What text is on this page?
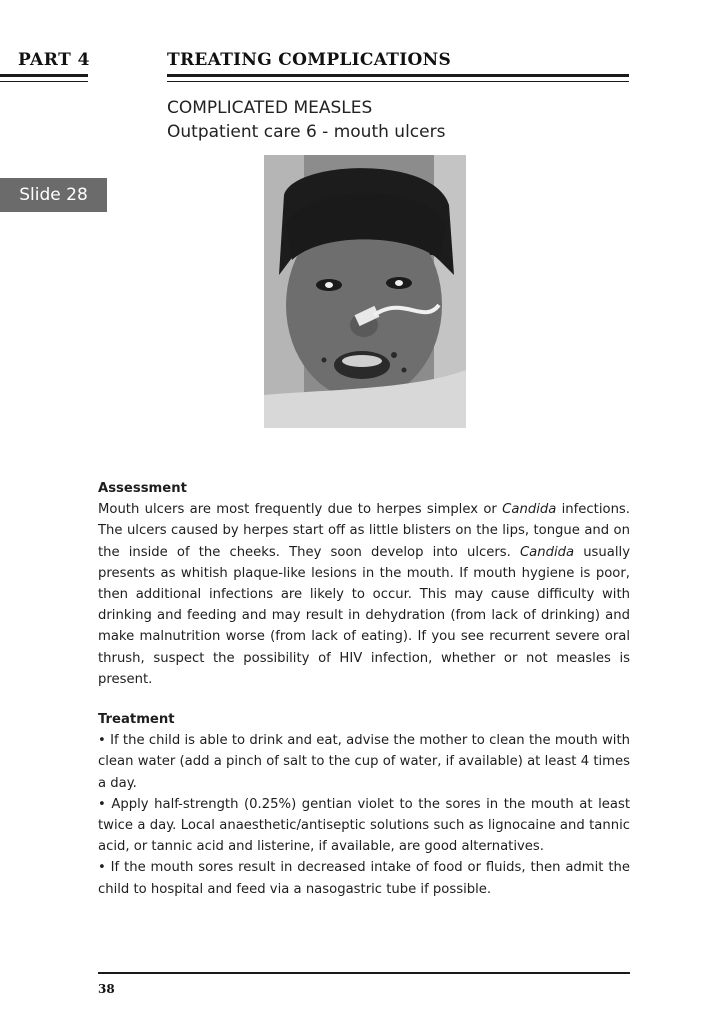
PART 4	TREATING COMPLICATIONS
COMPLICATED MEASLES
Outpatient care 6 - mouth ulcers
Slide 28

Assessment

Mouth ulcers are most frequently due to herpes simplex or Candida infections. The ulcers caused by herpes start off as little blisters on the lips, tongue and on the inside of the cheeks. They soon develop into ulcers. Candida usually presents as whitish plaque-like lesions in the mouth. If mouth hygiene is poor, then additional infections are likely to occur. This may cause difficulty with drinking and feeding and may result in dehydration (from lack of drinking) and make malnutrition worse (from lack of eating). If you see recurrent severe oral thrush, suspect the possibility of HIV infection, whether or not measles is present.

Treatment

• If the child is able to drink and eat, advise the mother to clean the mouth with clean water (add a pinch of salt to the cup of water, if available) at least 4 times a day.

• Apply half-strength (0.25%) gentian violet to the sores in the mouth at least twice a day. Local anaesthetic/antiseptic solutions such as lignocaine and tannic acid, or tannic acid and listerine, if available, are good alternatives.

• If the mouth sores result in decreased intake of food or fluids, then admit the child to hospital and feed via a nasogastric tube if possible.

38
